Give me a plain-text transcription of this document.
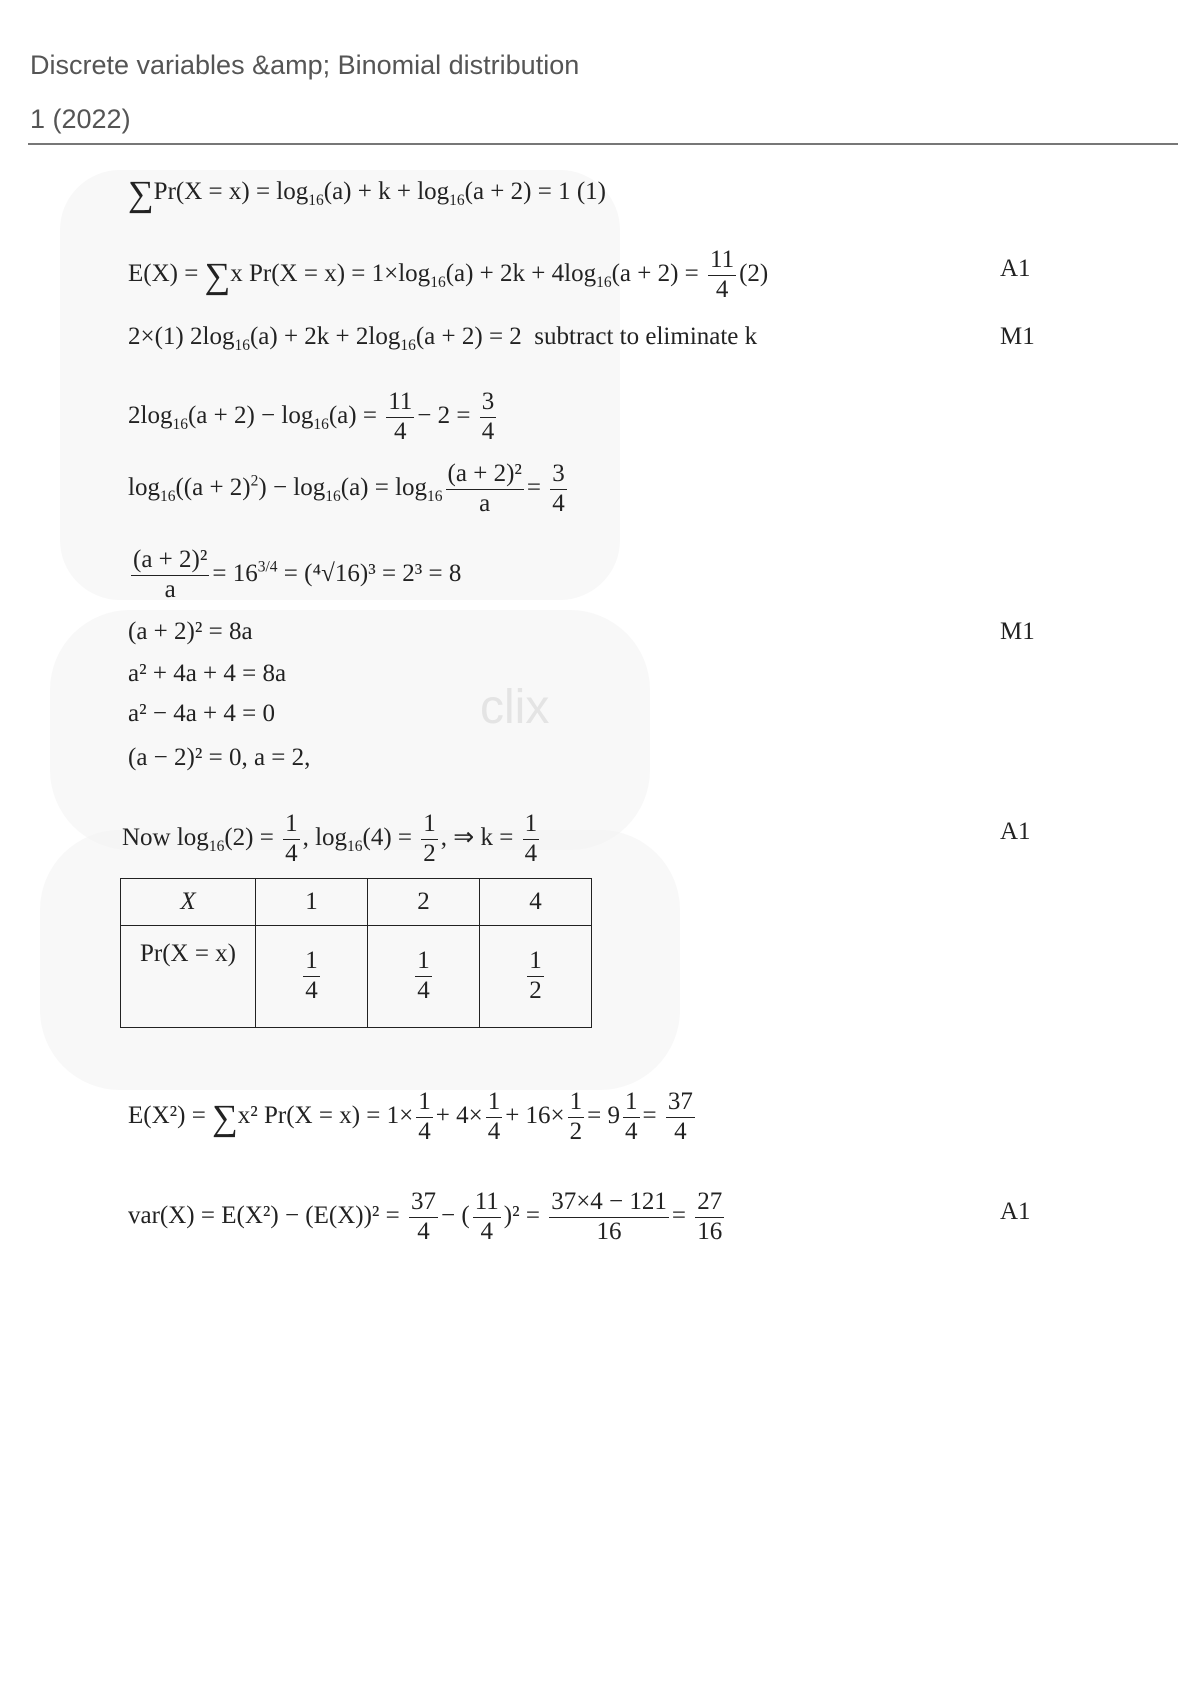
clix
Discrete variables &amp; Binomial distribution
1 (2022)
$\sum Pr(X = x) = \log_{16}(a) + k + \log_{16}(a + 2) = 1$ (1)
E(X) = ∑x $Pr(X = x) = 1\times\log_{16}(a) + 2k + 4\log_{16}(a + 2) = \frac{11}{4} (2)$	A1
2×(1) $2\log_{16}(a) + 2k + 2\log_{16}(a + 2) = 2$ subtract to eliminate k	M1
$2\log_{16}(a + 2) - \log_{16}(a) = \frac{11}{4} - 2 = \frac{3}{4}$
$\log_{16}((a + 2)^2) - \log_{16}(a) = \log_{16} \frac{\text{(a + 2)²}}{a} = \frac{3}{4}$
$\frac{\text{(a + 2)²}}{a} = 16^{3/4} = (^4√16)^3 = 2^3 = 8$
(a + 2)² = 8a	M1
a² + 4a + 4 = 8a
a² − 4a + 4 = 0
(a − 2)² = 0, a = 2,
Now $\log_{16}(2) = \frac{1}{4}$ , $\log_{16}(4) = \frac{1}{2}$ , ⇒ $k = \frac{1}{4}$	A1
X	1	2	4
Pr(X = x)	$\frac{1}{4}$	$\frac{1}{4}$	$\frac{1}{2}$
E(X²) = ∑x² $Pr(X = x) = 1\times \frac{1}{4} + 4\times \frac{1}{4} + 16\times \frac{1}{2} = 9 \frac{1}{4} = \frac{37}{4}$
$var(X) = E(X^2) - (E(X))^2 = \frac{37}{4}$ − ( $\frac{11}{4} )^2 = \frac{37\times 4 - 121}{16} = \frac{27}{16}$	A1
